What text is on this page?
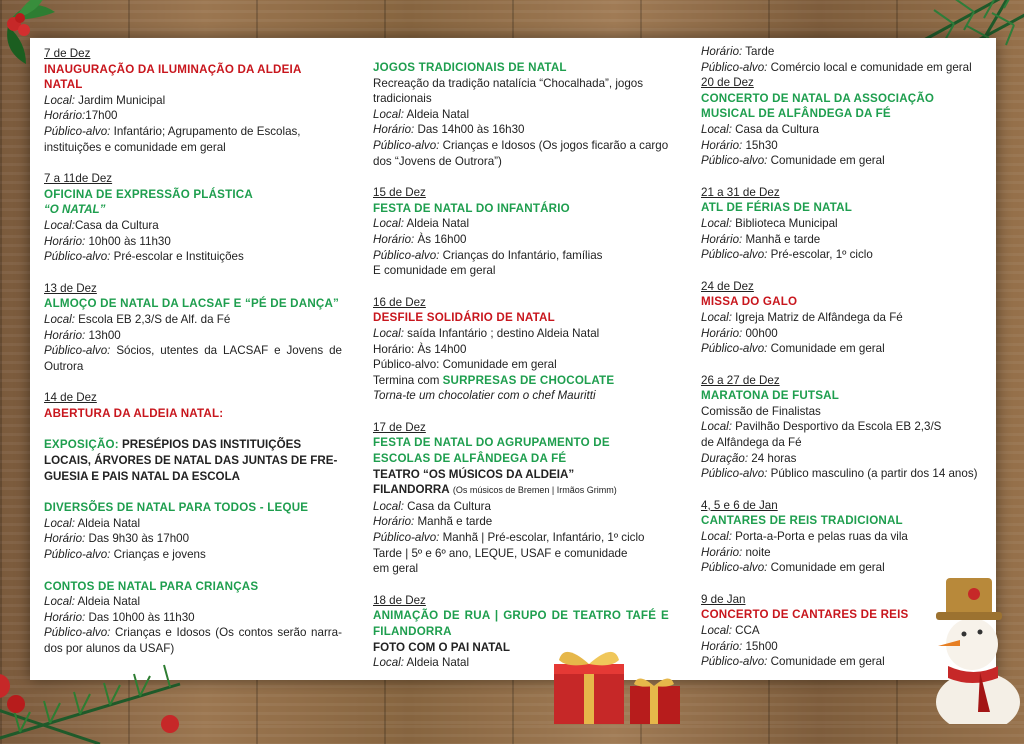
7 de Dez
INAUGURAÇÃO DA ILUMINAÇÃO DA ALDEIA NATAL
Local: Jardim Municipal
Horário:17h00
Público-alvo: Infantário; Agrupamento de Escolas, instituições e comunidade em geral
7 a 11de Dez
OFICINA DE EXPRESSÃO PLÁSTICA
“O NATAL”
Local:Casa da Cultura
Horário: 10h00 às 11h30
Público-alvo: Pré-escolar e Instituições
13 de Dez
ALMOÇO DE NATAL DA LACSAF E “PÉ DE DANÇA”
Local: Escola EB 2,3/S de Alf. da Fé
Horário: 13h00
Público-alvo: Sócios, utentes da LACSAF e Jovens de Outrora
14 de Dez
ABERTURA DA ALDEIA NATAL:
EXPOSIÇÃO: PRESÉPIOS DAS INSTITUIÇÕES LOCAIS, ÁRVORES DE NATAL DAS JUNTAS DE FRE-GUESIA E PAIS NATAL DA ESCOLA
DIVERSÕES DE NATAL PARA TODOS - LEQUE
Local: Aldeia Natal
Horário: Das 9h30 às 17h00
Público-alvo: Crianças e jovens
CONTOS DE NATAL PARA CRIANÇAS
Local: Aldeia Natal
Horário: Das 10h00 às 11h30
Público-alvo: Crianças e Idosos (Os contos serão narra-dos por alunos da USAF)
JOGOS TRADICIONAIS DE NATAL
Recreação da tradição natalícia “Chocalhada”, jogos tradicionais
Local: Aldeia Natal
Horário: Das 14h00 às 16h30
Público-alvo: Crianças e Idosos (Os jogos ficarão a cargo dos “Jovens de Outrora”)
15 de Dez
FESTA DE NATAL DO INFANTÁRIO
Local: Aldeia Natal
Horário: Às 16h00
Público-alvo: Crianças do Infantário, famílias
E comunidade em geral
16 de Dez
DESFILE SOLIDÁRIO DE NATAL
Local: saída Infantário ; destino Aldeia Natal
Horário: Às 14h00
Público-alvo: Comunidade em geral
Termina com SURPRESAS DE CHOCOLATE
Torna-te um chocolatier com o chef Mauritti
17 de Dez
FESTA DE NATAL DO AGRUPAMENTO DE ESCOLAS DE ALFÂNDEGA DA FÉ
TEATRO “OS MÚSICOS DA ALDEIA”
FILANDORRA (Os músicos de Bremen | Irmãos Grimm)
Local: Casa da Cultura
Horário: Manhã e tarde
Público-alvo: Manhã | Pré-escolar, Infantário, 1º ciclo
Tarde | 5º e 6º ano, LEQUE, USAF e comunidade
em geral
18 de Dez
ANIMAÇÃO DE RUA | GRUPO DE TEATRO TAFÉ E FILANDORRA
FOTO COM O PAI NATAL
Local: Aldeia Natal
Horário: Tarde
Público-alvo: Comércio local e comunidade em geral
20 de Dez
CONCERTO DE NATAL DA ASSOCIAÇÃO MUSICAL DE ALFÂNDEGA DA FÉ
Local: Casa da Cultura
Horário: 15h30
Público-alvo: Comunidade em geral
21 a 31 de Dez
ATL DE FÉRIAS DE NATAL
Local: Biblioteca Municipal
Horário: Manhã e tarde
Público-alvo: Pré-escolar, 1º ciclo
24 de Dez
MISSA DO GALO
Local: Igreja Matriz de Alfândega da Fé
Horário: 00h00
Público-alvo: Comunidade em geral
26 a 27 de Dez
MARATONA DE FUTSAL
Comissão de Finalistas
Local: Pavilhão Desportivo da Escola EB 2,3/S
de Alfândega da Fé
Duração: 24 horas
Público-alvo: Público masculino (a partir dos 14 anos)
4, 5 e 6 de Jan
CANTARES DE REIS TRADICIONAL
Local: Porta-a-Porta e pelas ruas da vila
Horário: noite
Público-alvo: Comunidade em geral
9 de Jan
CONCERTO DE CANTARES DE REIS
Local: CCA
Horário: 15h00
Público-alvo: Comunidade em geral
